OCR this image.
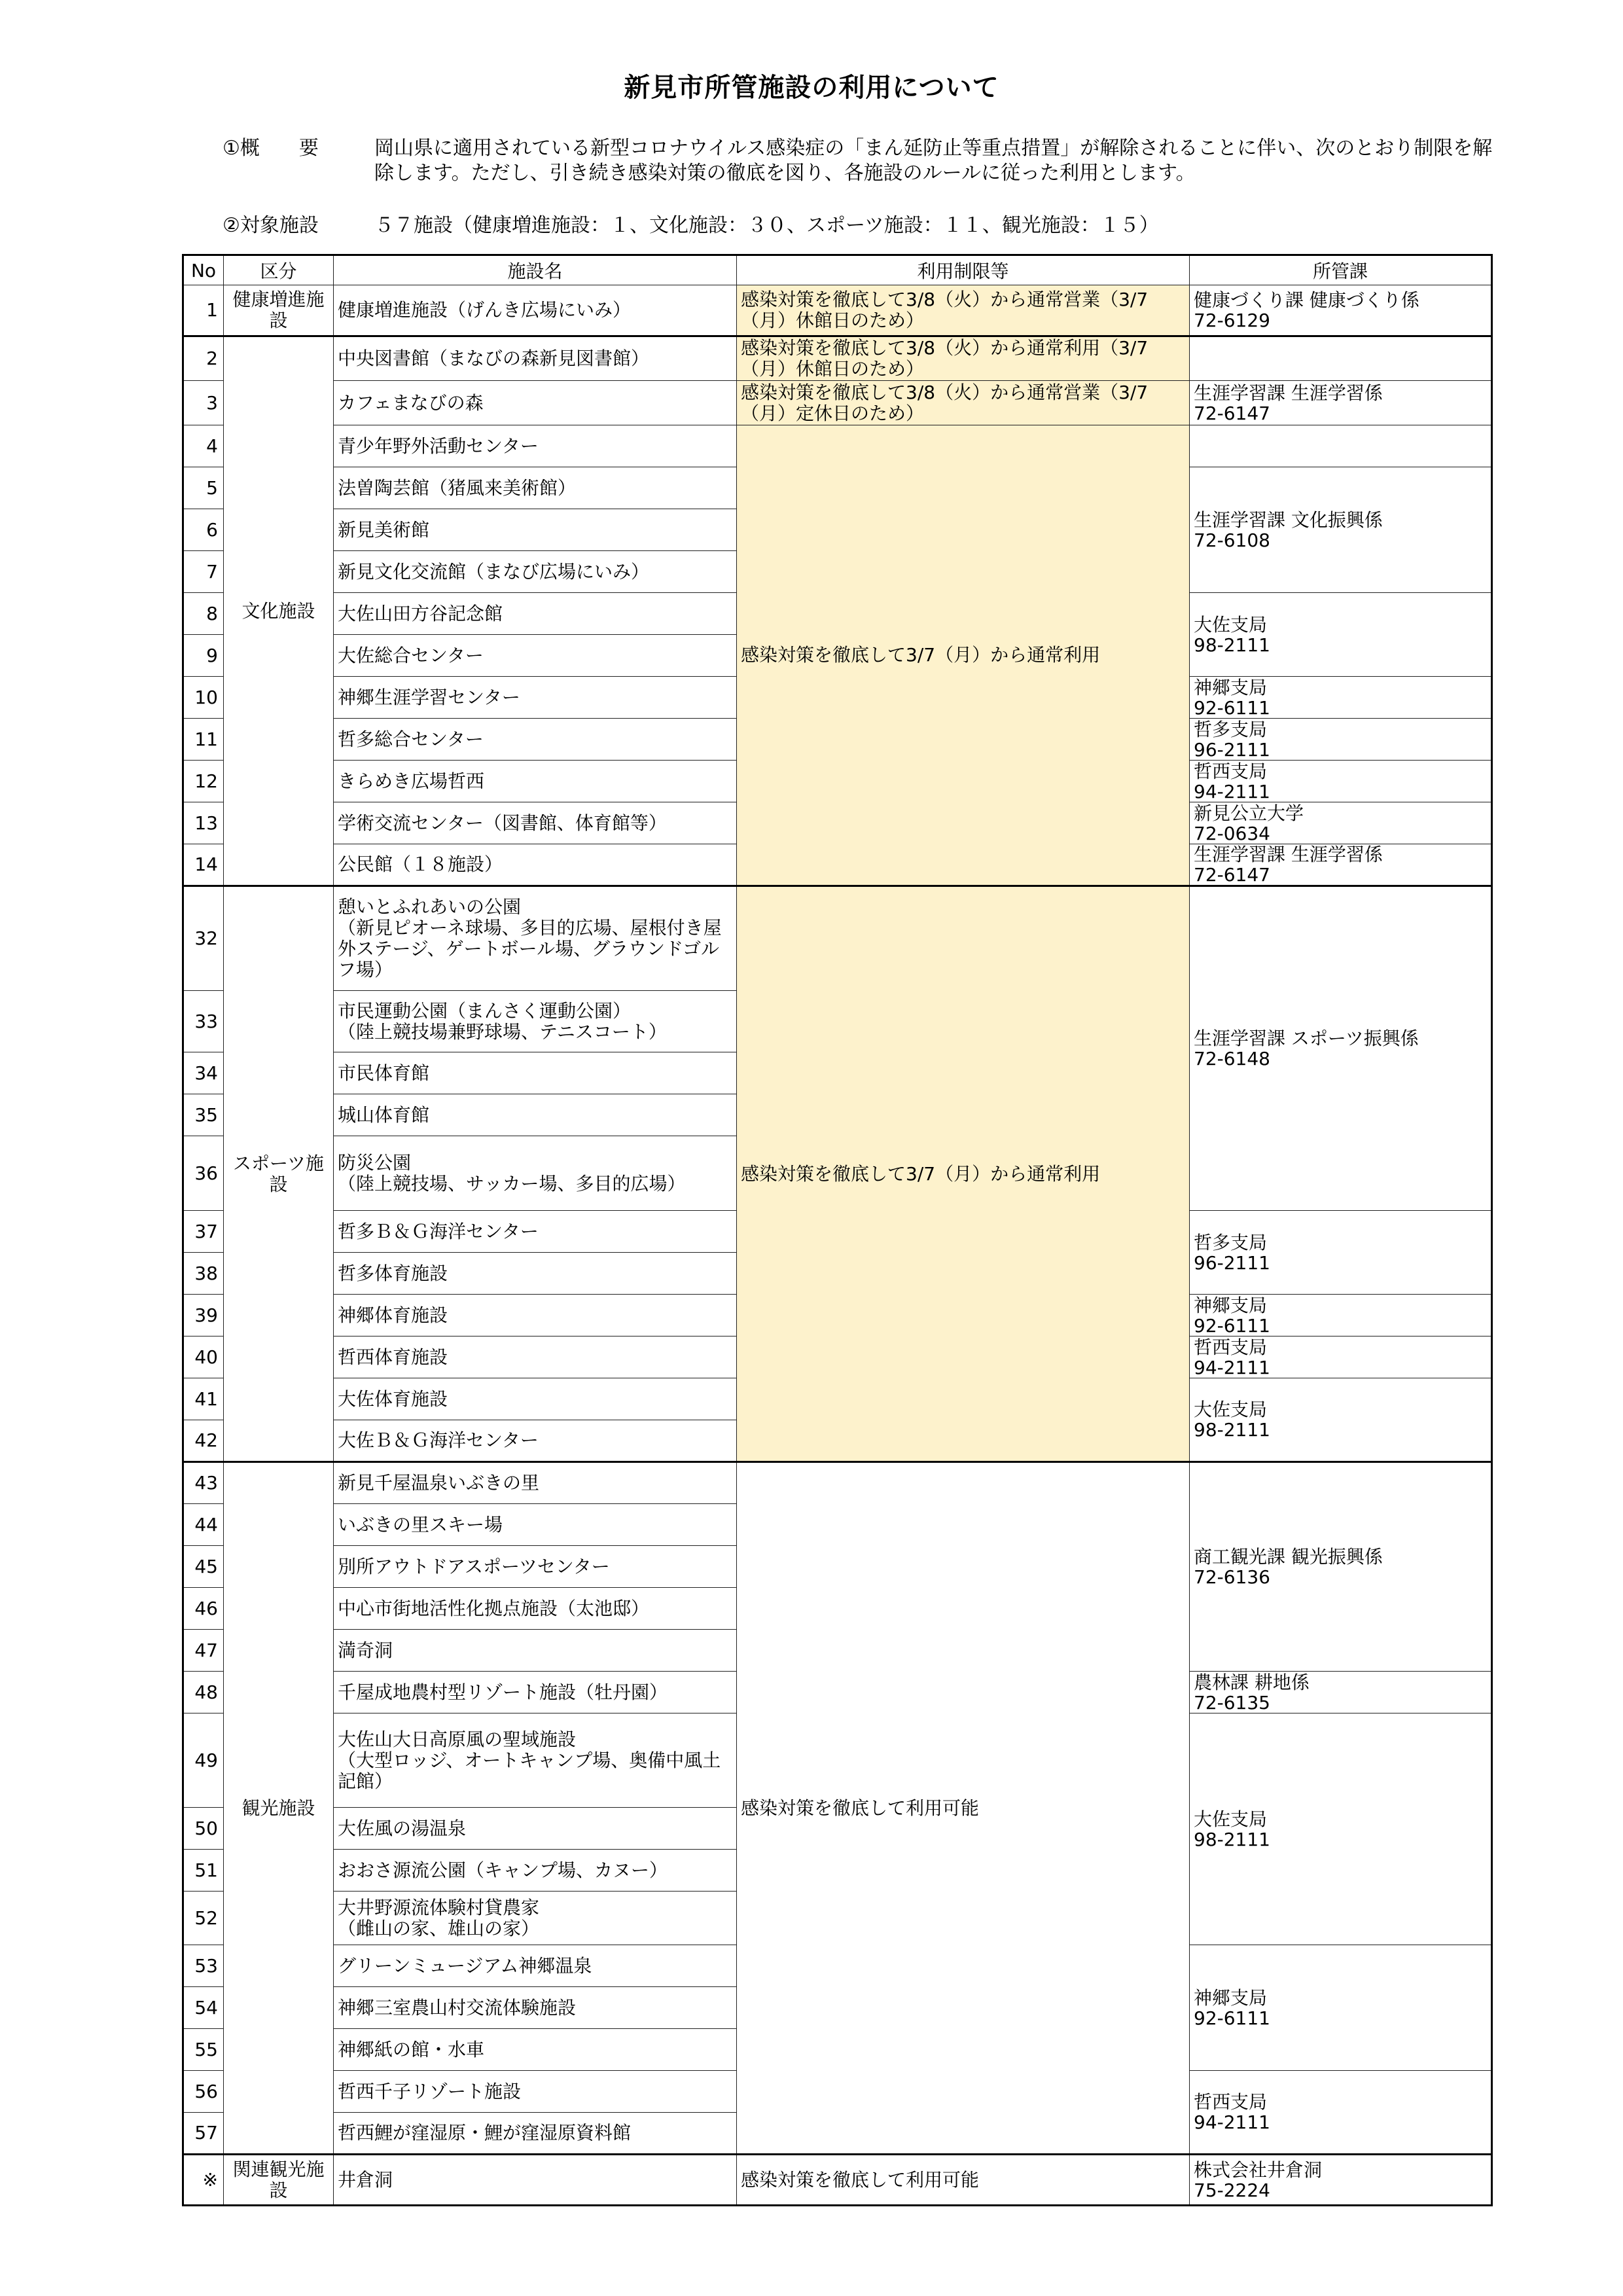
新見市所管施設の利用について
①概　　要	岡山県に適用されている新型コロナウイルス感染症の「まん延防止等重点措置」が解除されることに伴い、次のとおり制限を解除します。ただし、引き続き感染対策の徹底を図り、各施設のルールに従った利用とします。
②対象施設	５７施設（健康増進施設：１、文化施設：３０、スポーツ施設：１１、観光施設：１５）
No	区分	施設名	利用制限等	所管課
1	健康増進施設	健康増進施設（げんき広場にいみ）	感染対策を徹底して3/8（火）から通常営業（3/7（月）休館日のため）	健康づくり課 健康づくり係
72-6129
2	文化施設	中央図書館（まなびの森新見図書館）	感染対策を徹底して3/8（火）から通常利用（3/7（月）休館日のため）	
3		カフェまなびの森	感染対策を徹底して3/8（火）から通常営業（3/7（月）定休日のため）	生涯学習課 生涯学習係
72-6147
4		青少年野外活動センター	感染対策を徹底して3/7（月）から通常利用	
5		法曽陶芸館（猪風来美術館）		生涯学習課 文化振興係
72-6108
6		新見美術館		
7		新見文化交流館（まなび広場にいみ）		
8		大佐山田方谷記念館		大佐支局
98-2111
9		大佐総合センター		
10		神郷生涯学習センター		神郷支局
92-6111
11		哲多総合センター		哲多支局
96-2111
12		きらめき広場哲西		哲西支局
94-2111
13		学術交流センター（図書館、体育館等）		新見公立大学
72-0634
14		公民館（１８施設）		生涯学習課 生涯学習係
72-6147
32	スポーツ施設	憩いとふれあいの公園
（新見ピオーネ球場、多目的広場、屋根付き屋外ステージ、ゲートボール場、グラウンドゴルフ場）	感染対策を徹底して3/7（月）から通常利用	生涯学習課 スポーツ振興係
72-6148
33		市民運動公園（まんさく運動公園）
（陸上競技場兼野球場、テニスコート）		
34		市民体育館		
35		城山体育館		
36		防災公園
（陸上競技場、サッカー場、多目的広場）		
37		哲多Ｂ＆Ｇ海洋センター		哲多支局
96-2111
38		哲多体育施設		
39		神郷体育施設		神郷支局
92-6111
40		哲西体育施設		哲西支局
94-2111
41		大佐体育施設		大佐支局
98-2111
42		大佐Ｂ＆Ｇ海洋センター		
43	観光施設	新見千屋温泉いぶきの里	感染対策を徹底して利用可能	商工観光課 観光振興係
72-6136
44		いぶきの里スキー場		
45		別所アウトドアスポーツセンター		
46		中心市街地活性化拠点施設（太池邸）		
47		満奇洞		
48		千屋成地農村型リゾート施設（牡丹園）		農林課 耕地係
72-6135
49		大佐山大日高原風の聖域施設
（大型ロッジ、オートキャンプ場、奥備中風土記館）		大佐支局
98-2111
50		大佐風の湯温泉		
51		おおさ源流公園（キャンプ場、カヌー）		
52		大井野源流体験村貸農家
（雌山の家、雄山の家）		
53		グリーンミュージアム神郷温泉		神郷支局
92-6111
54		神郷三室農山村交流体験施設		
55		神郷紙の館・水車		
56		哲西千子リゾート施設		哲西支局
94-2111
57		哲西鯉が窪湿原・鯉が窪湿原資料館		
※	関連観光施設	井倉洞	感染対策を徹底して利用可能	株式会社井倉洞
75-2224
